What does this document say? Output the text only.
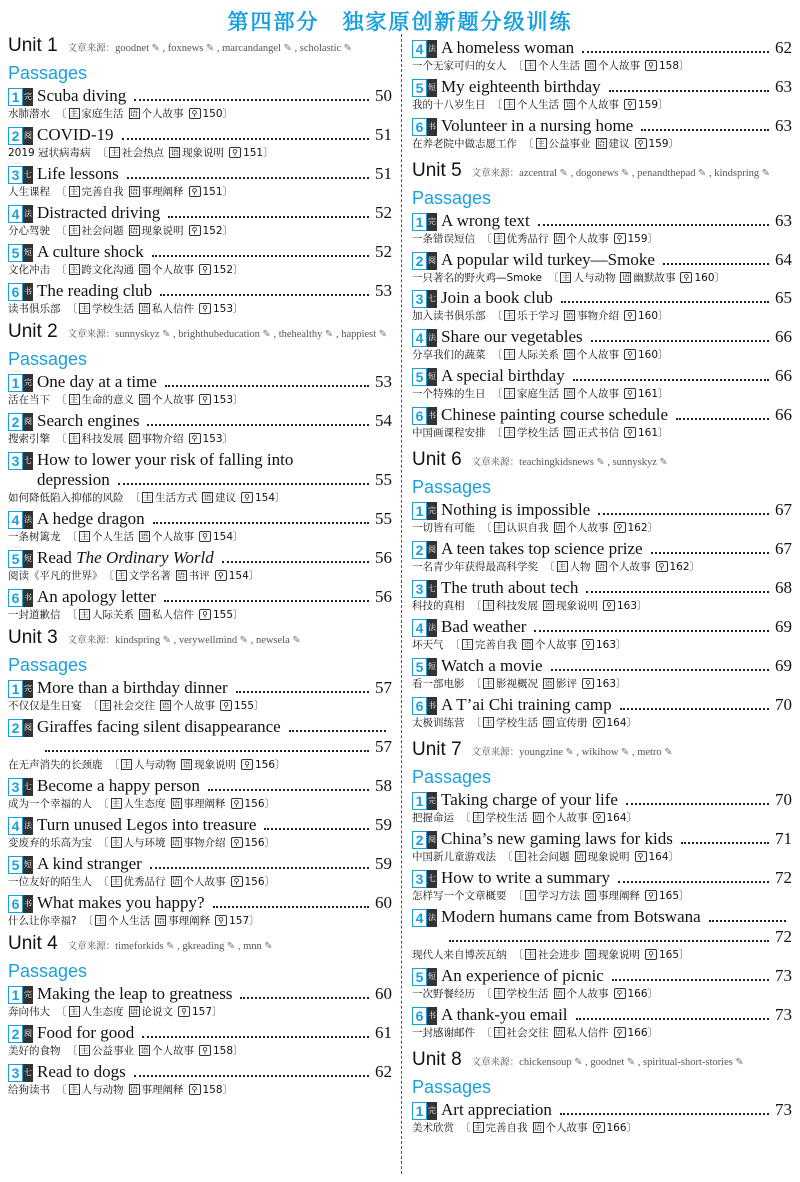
第四部分　独家原创新题分级训练
Unit 1 文章来源：goodnet ✎ , foxnews ✎ , marcandangel ✎ , scholastic ✎
Passages
1 完 Scuba diving	50
水肺潜水 〔 主 家庭生活 语 个人故事 ⚲ 150〕
2 阅 COVID-19	51
2019 冠状病毒病 〔 主 社会热点 语 现象说明 ⚲ 151〕
3 七 Life lessons	51
人生课程 〔 主 完善自我 语 事理阐释 ⚲ 151〕
4 法 Distracted driving	52
分心驾驶 〔 主 社会问题 语 现象说明 ⚲ 152〕
5 短 A culture shock	52
文化冲击 〔 主 跨文化沟通 语 个人故事 ⚲ 152〕
6 书 The reading club	53
读书俱乐部 〔 主 学校生活 语 私人信件 ⚲ 153〕
Unit 2 文章来源：sunnyskyz ✎ , brighthubeducation ✎ , thehealthy ✎ , happiest ✎
Passages
1 完 One day at a time	53
活在当下 〔 主 生命的意义 语 个人故事 ⚲ 153〕
2 阅 Search engines	54
搜索引擎 〔 主 科技发展 语 事物介绍 ⚲ 153〕
3 七 How to lower your risk of falling into
depression	55
如何降低陷入抑郁的风险 〔 主 生活方式 语 建议 ⚲ 154〕
4 法 A hedge dragon	55
一条树篱龙 〔 主 个人生活 语 个人故事 ⚲ 154〕
5 短 Read The Ordinary World	56
阅读《平凡的世界》 〔 主 文学名著 语 书评 ⚲ 154〕
6 书 An apology letter	56
一封道歉信 〔 主 人际关系 语 私人信件 ⚲ 155〕
Unit 3 文章来源：kindspring ✎ , verywellmind ✎ , newsela ✎
Passages
1 完 More than a birthday dinner	57
不仅仅是生日宴 〔 主 社会交往 语 个人故事 ⚲ 155〕
2 阅 Giraffes facing silent disappearance
57
在无声消失的长颈鹿 〔 主 人与动物 语 现象说明 ⚲ 156〕
3 七 Become a happy person	58
成为一个幸福的人 〔 主 人生态度 语 事理阐释 ⚲ 156〕
4 法 Turn unused Legos into treasure	59
变废弃的乐高为宝 〔 主 人与环境 语 事物介绍 ⚲ 156〕
5 短 A kind stranger	59
一位友好的陌生人 〔 主 优秀品行 语 个人故事 ⚲ 156〕
6 书 What makes you happy?	60
什么让你幸福? 〔 主 个人生活 语 事理阐释 ⚲ 157〕
Unit 4 文章来源：timeforkids ✎ , gkreading ✎ , mnn ✎
Passages
1 完 Making the leap to greatness	60
奔向伟大 〔 主 人生态度 语 论说文 ⚲ 157〕
2 阅 Food for good	61
美好的食物 〔 主 公益事业 语 个人故事 ⚲ 158〕
3 七 Read to dogs	62
给狗读书 〔 主 人与动物 语 事理阐释 ⚲ 158〕
4 法 A homeless woman	62
一个无家可归的女人 〔 主 个人生活 语 个人故事 ⚲ 158〕
5 短 My eighteenth birthday	63
我的十八岁生日 〔 主 个人生活 语 个人故事 ⚲ 159〕
6 书 Volunteer in a nursing home	63
在养老院中做志愿工作 〔 主 公益事业 语 建议 ⚲ 159〕
Unit 5 文章来源：azcentral ✎ , dogonews ✎ , penandthepad ✎ , kindspring ✎
Passages
1 完 A wrong text	63
一条错误短信 〔 主 优秀品行 语 个人故事 ⚲ 159〕
2 阅 A popular wild turkey—Smoke	64
一只著名的野火鸡—Smoke 〔 主 人与动物 语 幽默故事 ⚲ 160〕
3 七 Join a book club	65
加入读书俱乐部 〔 主 乐于学习 语 事物介绍 ⚲ 160〕
4 法 Share our vegetables	66
分享我们的蔬菜 〔 主 人际关系 语 个人故事 ⚲ 160〕
5 短 A special birthday	66
一个特殊的生日 〔 主 家庭生活 语 个人故事 ⚲ 161〕
6 书 Chinese painting course schedule	66
中国画课程安排 〔 主 学校生活 语 正式书信 ⚲ 161〕
Unit 6 文章来源：teachingkidsnews ✎ , sunnyskyz ✎
Passages
1 完 Nothing is impossible	67
一切皆有可能 〔 主 认识自我 语 个人故事 ⚲ 162〕
2 阅 A teen takes top science prize	67
一名青少年获得最高科学奖 〔 主 人物 语 个人故事 ⚲ 162〕
3 七 The truth about tech	68
科技的真相 〔 主 科技发展 语 现象说明 ⚲ 163〕
4 法 Bad weather	69
坏天气 〔 主 完善自我 语 个人故事 ⚲ 163〕
5 短 Watch a movie	69
看一部电影 〔 主 影视概况 语 影评 ⚲ 163〕
6 书 A T’ai Chi training camp	70
太极训练营 〔 主 学校生活 语 宣传册 ⚲ 164〕
Unit 7 文章来源：youngzine ✎ , wikihow ✎ , metro ✎
Passages
1 完 Taking charge of your life	70
把握命运 〔 主 学校生活 语 个人故事 ⚲ 164〕
2 阅 China’s new gaming laws for kids	71
中国新儿童游戏法 〔 主 社会问题 语 现象说明 ⚲ 164〕
3 七 How to write a summary	72
怎样写一个文章概要 〔 主 学习方法 语 事理阐释 ⚲ 165〕
4 法 Modern humans came from Botswana
72
现代人来自博茨瓦纳 〔 主 社会进步 语 现象说明 ⚲ 165〕
5 短 An experience of picnic	73
一次野餐经历 〔 主 学校生活 语 个人故事 ⚲ 166〕
6 书 A thank-you email	73
一封感谢邮件 〔 主 社会交往 语 私人信件 ⚲ 166〕
Unit 8 文章来源：chickensoup ✎ , goodnet ✎ , spiritual-short-stories ✎
Passages
1 完 Art appreciation	73
美术欣赏 〔 主 完善自我 语 个人故事 ⚲ 166〕
